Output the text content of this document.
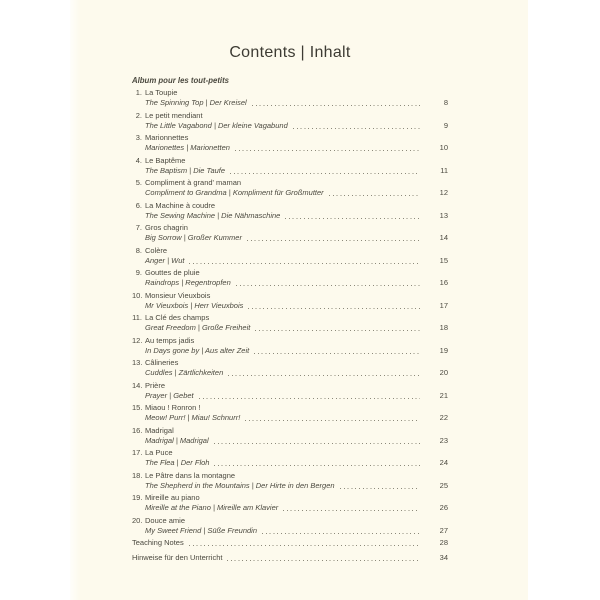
Contents | Inhalt
Album pour les tout-petits
1. La Toupie
The Spinning Top | Der Kreisel	8
2. Le petit mendiant
The Little Vagabond | Der kleine Vagabund	9
3. Marionnettes
Marionettes | Marionetten	10
4. Le Baptême
The Baptism | Die Taufe	11
5. Compliment à grand' maman
Compliment to Grandma | Kompliment für Großmutter	12
6. La Machine à coudre
The Sewing Machine | Die Nähmaschine	13
7. Gros chagrin
Big Sorrow | Großer Kummer	14
8. Colère
Anger | Wut	15
9. Gouttes de pluie
Raindrops | Regentropfen	16
10. Monsieur Vieuxbois
Mr Vieuxbois | Herr Vieuxbois	17
11. La Clé des champs
Great Freedom | Große Freiheit	18
12. Au temps jadis
In Days gone by | Aus alter Zeit	19
13. Câlineries
Cuddles | Zärtlichkeiten	20
14. Prière
Prayer | Gebet	21
15. Miaou ! Ronron !
Meow! Purr! | Miau! Schnurr!	22
16. Madrigal
Madrigal | Madrigal	23
17. La Puce
The Flea | Der Floh	24
18. Le Pâtre dans la montagne
The Shepherd in the Mountains | Der Hirte in den Bergen	25
19. Mireille au piano
Mireille at the Piano | Mireille am Klavier	26
20. Douce amie
My Sweet Friend | Süße Freundin	27
Teaching Notes	28
Hinweise für den Unterricht	34
